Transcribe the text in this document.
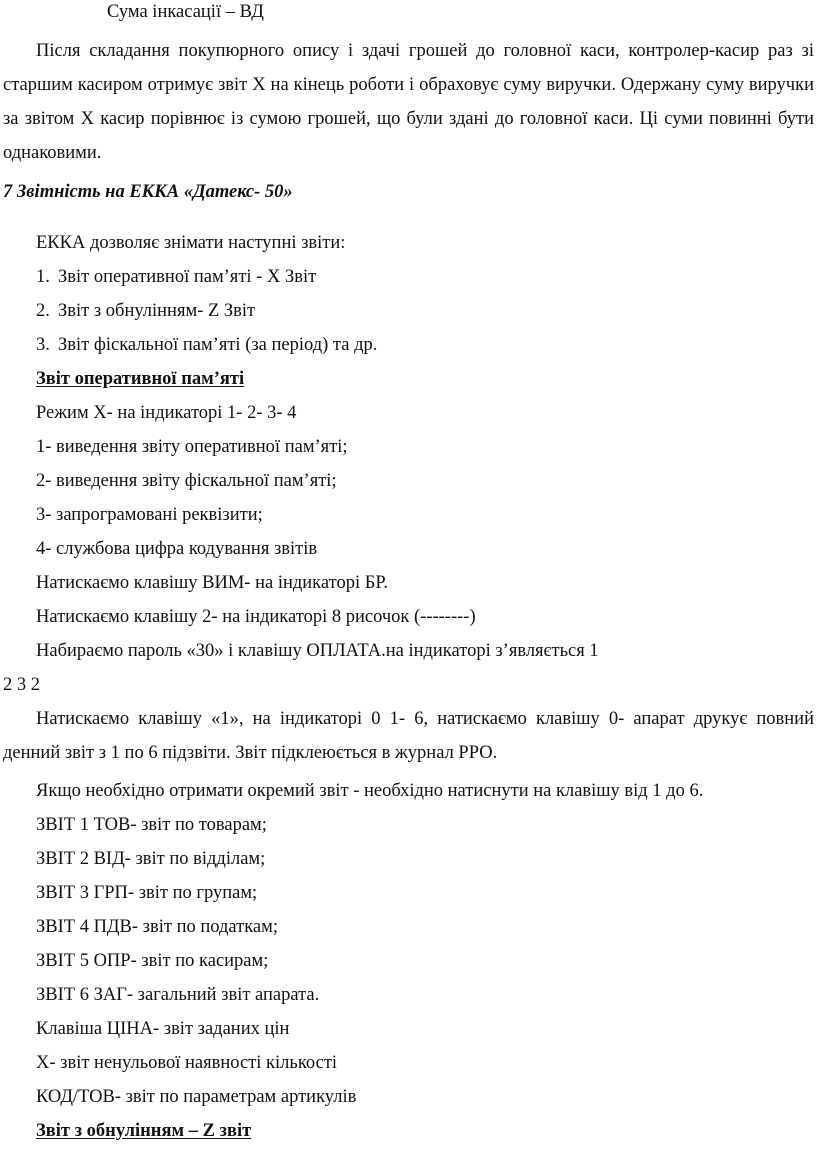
Сума інкасації – ВД
Після складання покупюрного опису і здачі грошей до головної каси, контролер-касир раз зі старшим касиром отримує звіт Х на кінець роботи і обраховує суму виручки. Одержану суму виручки за звітом Х касир порівнює із сумою грошей, що були здані до головної каси. Ці суми повинні бути однаковими.
7 Звітність на ЕККА «Датекс- 50»
ЕККА дозволяє знімати наступні звіти:
1. Звіт оперативної пам’яті - Х Звіт
2. Звіт з обнулінням- Z Звіт
3. Звіт фіскальної пам’яті (за період) та др.
Звіт оперативної пам’яті
Режим Х- на індикаторі 1- 2- 3- 4
1- виведення звіту оперативної пам’яті;
2- виведення звіту фіскальної пам’яті;
3- запрограмовані реквізити;
4- службова цифра кодування звітів
Натискаємо клавішу ВИМ- на індикаторі БР.
Натискаємо клавішу 2- на індикаторі 8 рисочок (--------)
Набираємо пароль «30» і клавішу ОПЛАТА.на індикаторі з’являється 1
2 3 2
Натискаємо клавішу «1», на індикаторі 0 1- 6, натискаємо клавішу 0- апарат друкує повний денний звіт з 1 по 6 підзвіти. Звіт підклеюється в журнал РРО.
Якщо необхідно отримати окремий звіт - необхідно натиснути на клавішу від 1 до 6.
ЗВІТ 1 ТОВ- звіт по товарам;
ЗВІТ 2 ВІД- звіт по відділам;
ЗВІТ 3 ГРП- звіт по групам;
ЗВІТ 4 ПДВ- звіт по податкам;
ЗВІТ 5 ОПР- звіт по касирам;
ЗВІТ 6 ЗАГ- загальний звіт апарата.
Клавіша ЦІНА- звіт заданих цін
Х- звіт ненульової наявності кількості
КОД/ТОВ- звіт по параметрам артикулів
Звіт з обнулінням – Z звіт
